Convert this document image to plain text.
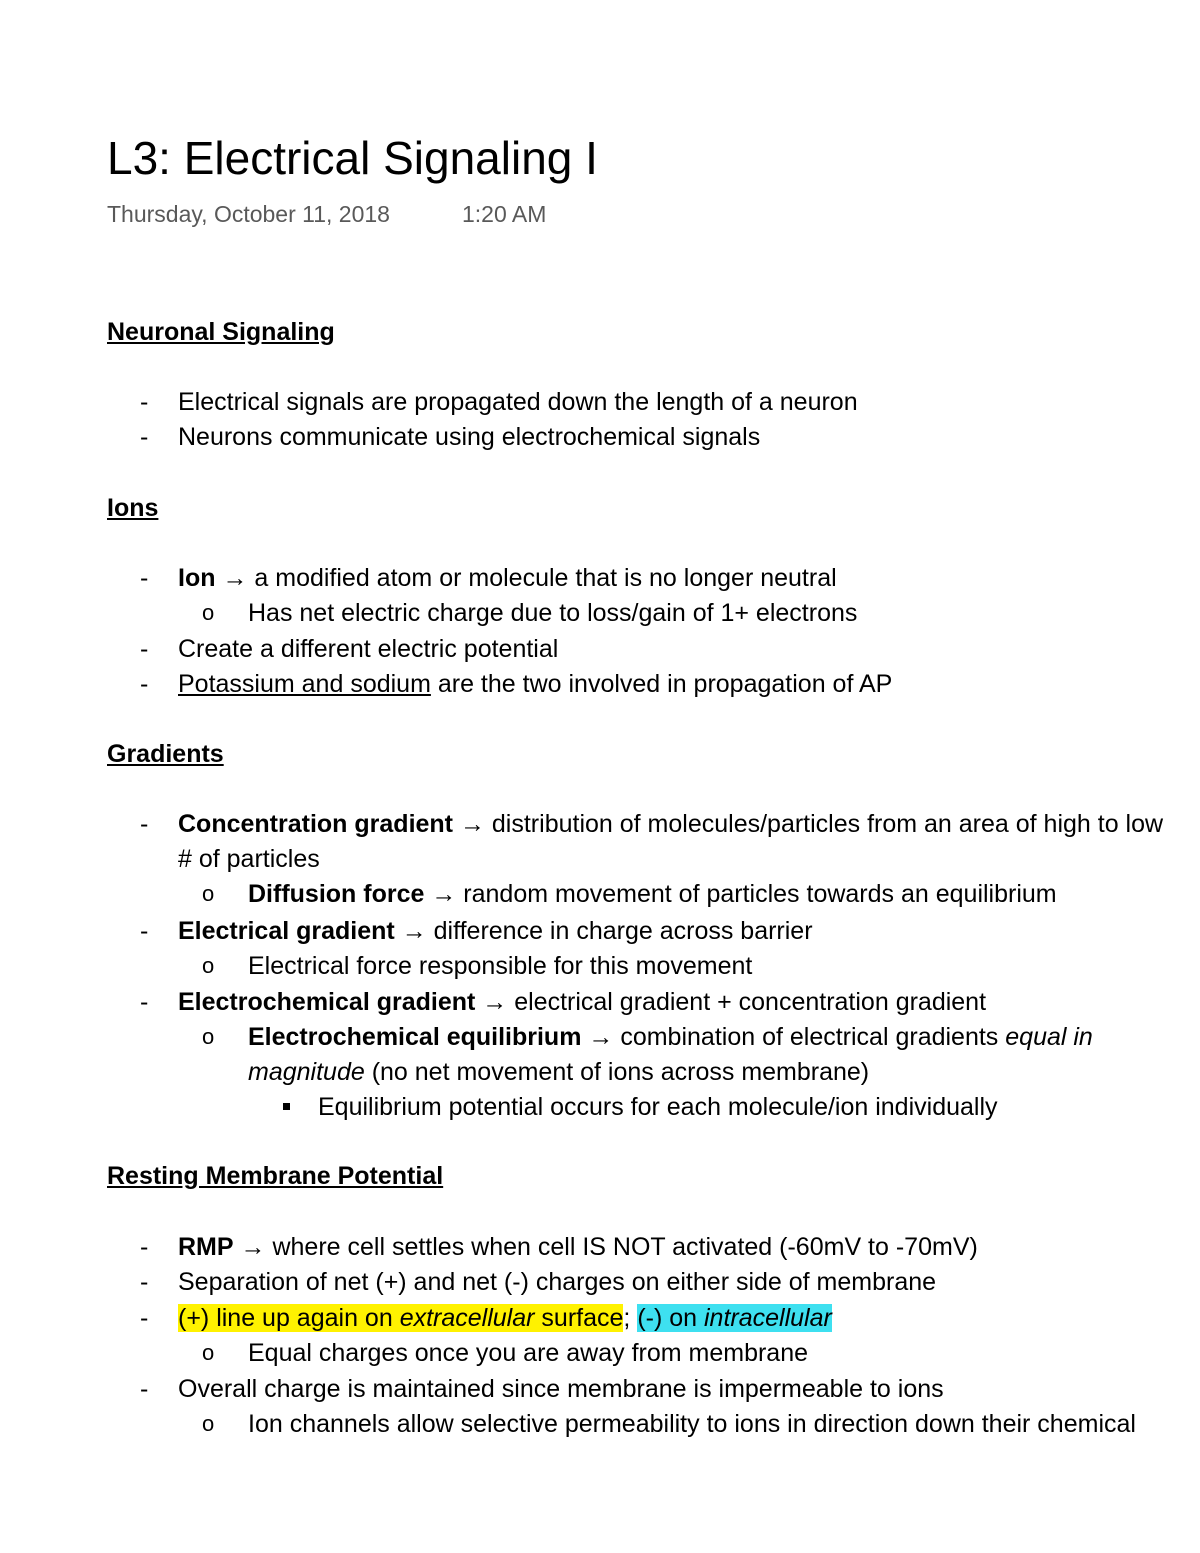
L3: Electrical Signaling I
Thursday, October 11, 2018	1:20 AM
Neuronal Signaling
- Electrical signals are propagated down the length of a neuron
- Neurons communicate using electrochemical signals
Ions
- Ion → a modified atom or molecule that is no longer neutral
o Has net electric charge due to loss/gain of 1+ electrons
- Create a different electric potential
- Potassium and sodium are the two involved in propagation of AP
Gradients
- Concentration gradient → distribution of molecules/particles from an area of high to low
# of particles
o Diffusion force → random movement of particles towards an equilibrium
- Electrical gradient → difference in charge across barrier
o Electrical force responsible for this movement
- Electrochemical gradient → electrical gradient + concentration gradient
o Electrochemical equilibrium → combination of electrical gradients equal in
magnitude (no net movement of ions across membrane)
Equilibrium potential occurs for each molecule/ion individually
Resting Membrane Potential
- RMP → where cell settles when cell IS NOT activated (-60mV to -70mV)
- Separation of net (+) and net (-) charges on either side of membrane
- (+) line up again on extracellular surface; (-) on intracellular
o Equal charges once you are away from membrane
- Overall charge is maintained since membrane is impermeable to ions
o Ion channels allow selective permeability to ions in direction down their chemical
